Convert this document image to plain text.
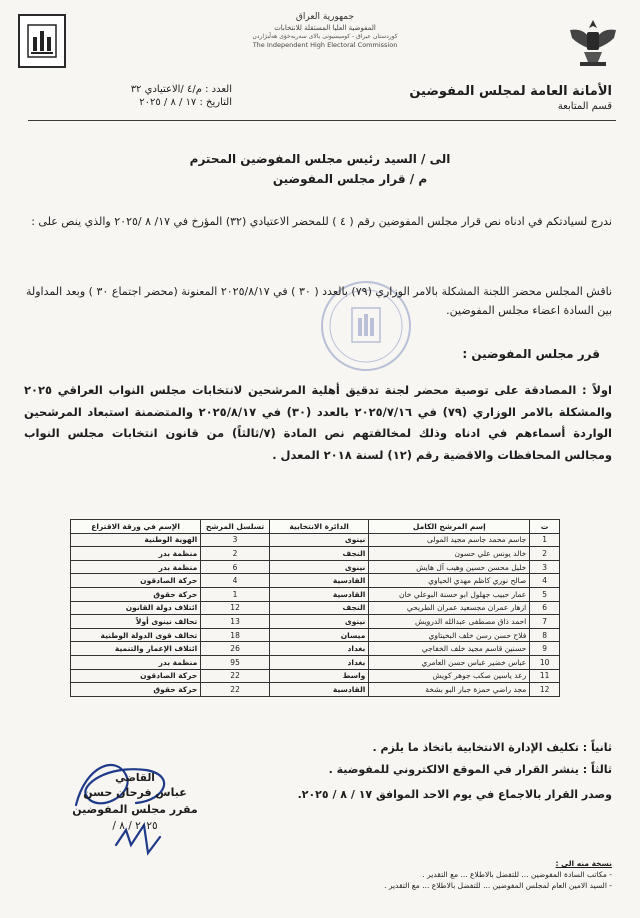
جمهورية العراق
المفوضية العليا المستقلة للانتخابات
كوردستان عيراق - كوميسيونى بالاى سەربەخۆى هەڵبژاردن
The Independent High Electoral Commission
الأمانة العامة لمجلس المفوضين
قسم المتابعة
العدد : م/٤ /الاعتيادي ٣٢
التاريخ : ١٧ / ٨ / ٢٠٢٥
الى / السيد رئيس مجلس المفوضين المحترم
م / قرار مجلس المفوضين
ندرج لسيادتكم في ادناه نص قرار مجلس المفوضين رقم ( ٤ ) للمحضر الاعتيادي (٣٢) المؤرخ في ١٧/ ٨ /٢٠٢٥ والذي ينص على :
ناقش المجلس محضر اللجنة المشكلة بالامر الوزاري (٧٩) بالعدد ( ٣٠ ) في ٢٠٢٥/٨/١٧ المعنونة (محضر اجتماع ٣٠ ) وبعد المداولة بين السادة اعضاء مجلس المفوضين.
قرر مجلس المفوضين :
اولاً : المصادقة على توصية محضر لجنة تدقيق أهلية المرشحين لانتخابات مجلس النواب العراقي ٢٠٢٥ والمشكلة بالامر الوزاري (٧٩) في ٢٠٢٥/٧/١٦ بالعدد (٣٠) في ٢٠٢٥/٨/١٧ والمتضمنة استبعاد المرشحين الواردة أسماءهم في ادناه وذلك لمخالفتهم نص المادة (٧/ثالثاً) من قانون انتخابات مجلس النواب ومجالس المحافظات والاقضية رقم (١٢) لسنة ٢٠١٨ المعدل .
ت	إسم المرشح الكامل	الدائرة الانتخابية	تسلسل المرشح	الإسم في ورقة الاقتراع
1	جاسم محمد جاسم مجيد المولى	نينوى	3	الهوية الوطنية
2	خالد يونس علي حسون	النجف	2	منظمة بدر
3	خليل محسن حسين وهيب آل هايش	نينوى	6	منظمة بدر
4	صالح نوري كاظم مهدي الحياوي	القادسية	4	حركة الصادقون
5	عمار حبيب جهلول ابو حسنة البوعلي خان	القادسية	1	حركة حقوق
6	ازهار عمران مجسعيد عمران الطريحي	النجف	12	ائتلاف دولة القانون
7	احمد ذاق مصطفى عبدالله الدرويش	نينوى	13	تحالف نينوى أولاً
8	فلاح حسن رسن خلف البخيتاوي	ميسان	18	تحالف قوى الدولة الوطنية
9	حسنين قاسم مجيد خلف الخفاجي	بغداد	26	ائتلاف الإعمار والتنمية
10	عباس خضير عباس حسن العامري	بغداد	95	منظمة بدر
11	رعد ياسين صكب جوهر كويش	واسط	22	حركة الصادقون
12	مجد راضي حمزة جبار البو بشخة	القادسية	22	حركة حقوق
ثانياً : تكليف الإدارة الانتخابية باتخاذ ما يلزم .
ثالثاً : ينشر القرار في الموقع الالكتروني للمفوضية .
وصدر القرار بالاجماع في يوم الاحد الموافق ١٧ / ٨ / ٢٠٢٥.
القاضي
عباس فرحان حسن
مقرر مجلس المفوضين
٢٠٢٥ / ٨ /
نسخة منه الى :
- مكاتب السادة المفوضين ... للتفضل بالاطلاع ... مع التقدير .
- السيد الامين العام لمجلس المفوضين ... للتفضل بالاطلاع ... مع التقدير .
